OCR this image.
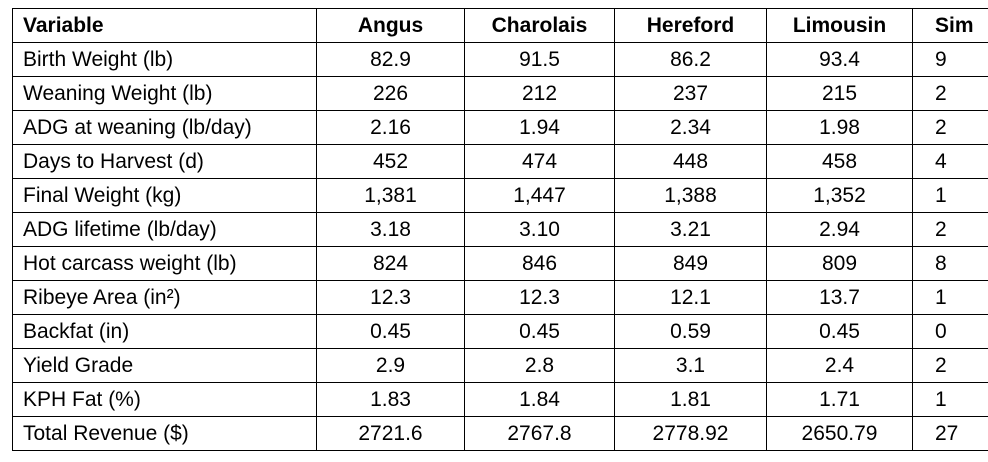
Variable	Angus	Charolais	Hereford	Limousin	Sim
Birth Weight (lb)	82.9	91.5	86.2	93.4	9
Weaning Weight (lb)	226	212	237	215	2
ADG at weaning (lb/day)	2.16	1.94	2.34	1.98	2
Days to Harvest (d)	452	474	448	458	4
Final Weight (kg)	1,381	1,447	1,388	1,352	1
ADG lifetime (lb/day)	3.18	3.10	3.21	2.94	2
Hot carcass weight (lb)	824	846	849	809	8
Ribeye Area (in²)	12.3	12.3	12.1	13.7	1
Backfat (in)	0.45	0.45	0.59	0.45	0
Yield Grade	2.9	2.8	3.1	2.4	2
KPH Fat (%)	1.83	1.84	1.81	1.71	1
Total Revenue ($)	2721.6	2767.8	2778.92	2650.79	27
